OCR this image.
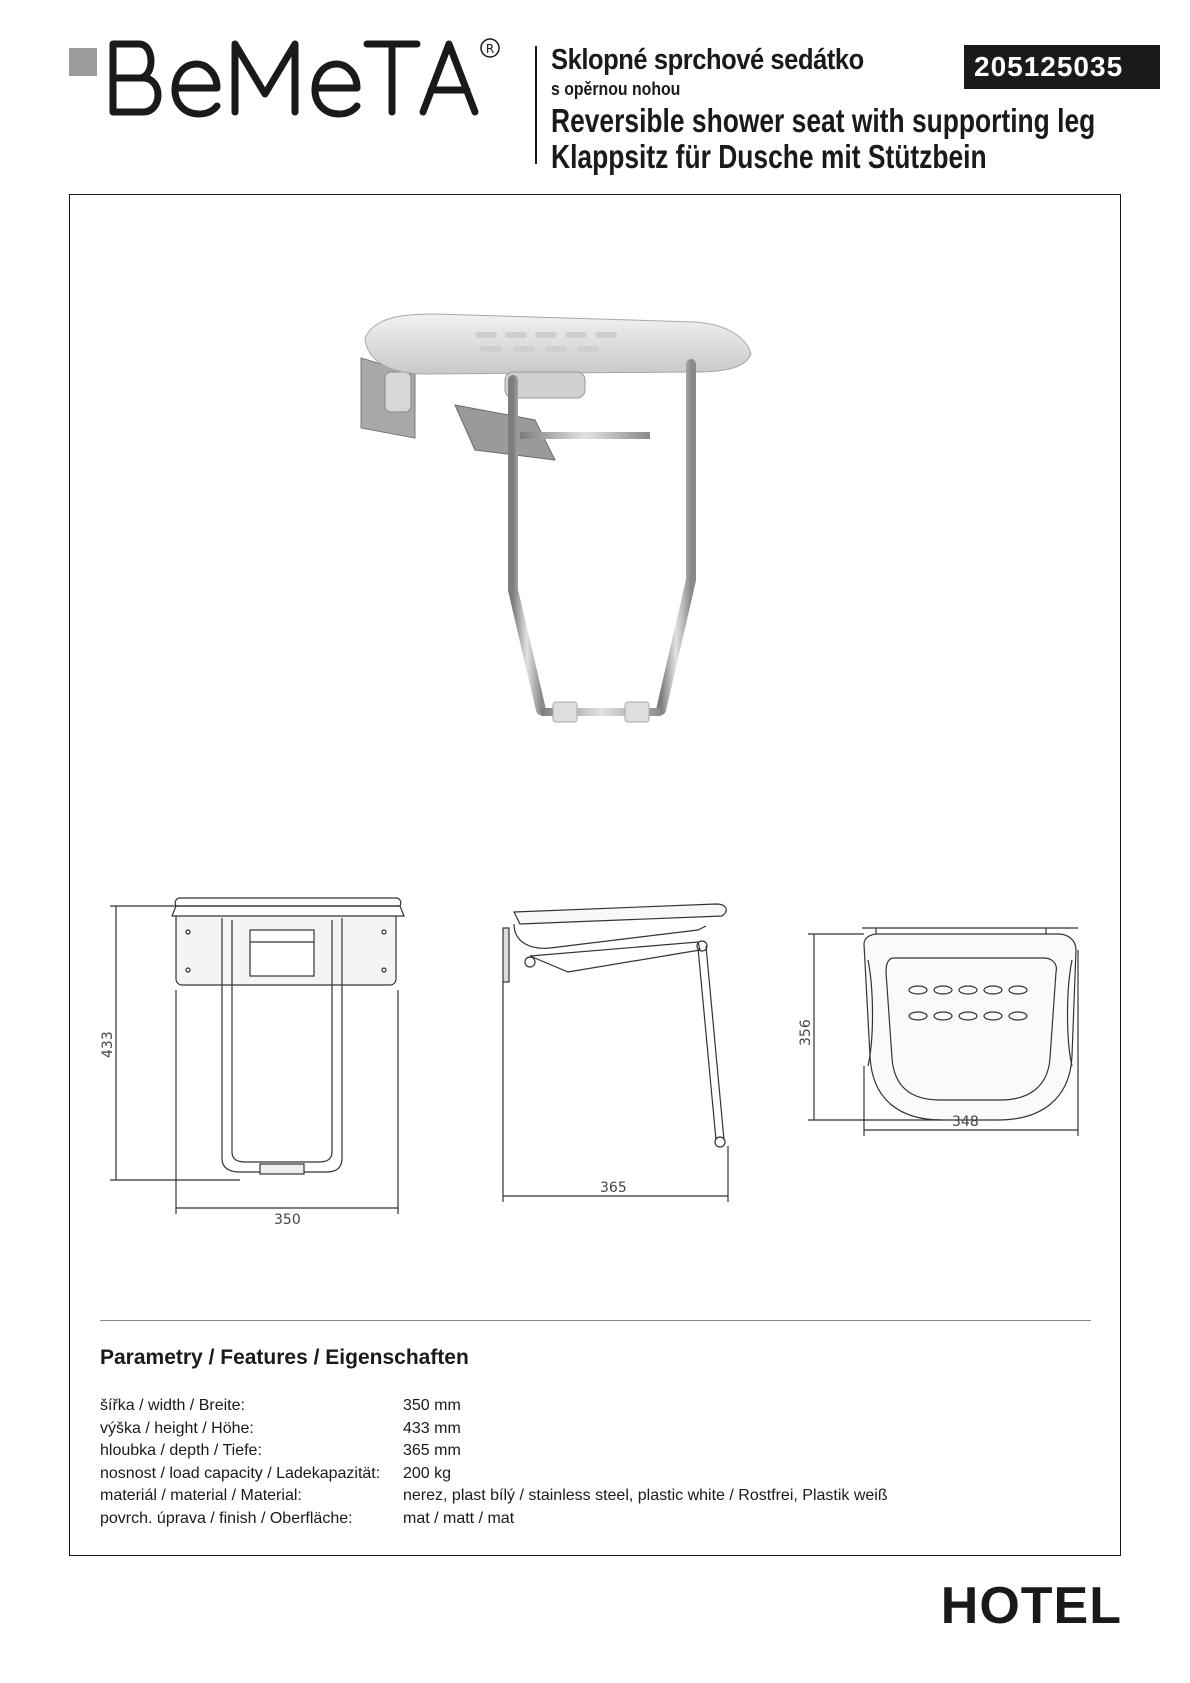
R Sklopné sprchové sedátko
s opěrnou nohou
Reversible shower seat with supporting leg
Klappsitz für Dusche mit Stützbein
205125035
433
350
365
356
348
Parametry / Features / Eigenschaften
šířka / width / Breite:	350 mm
výška / height / Höhe:	433 mm
hloubka / depth / Tiefe:	365 mm
nosnost / load capacity / Ladekapazität:	200 kg
materiál / material / Material:	nerez, plast bílý / stainless steel, plastic white / Rostfrei, Plastik weiß
povrch. úprava / finish / Oberfläche:	mat / matt / mat
HOTEL
